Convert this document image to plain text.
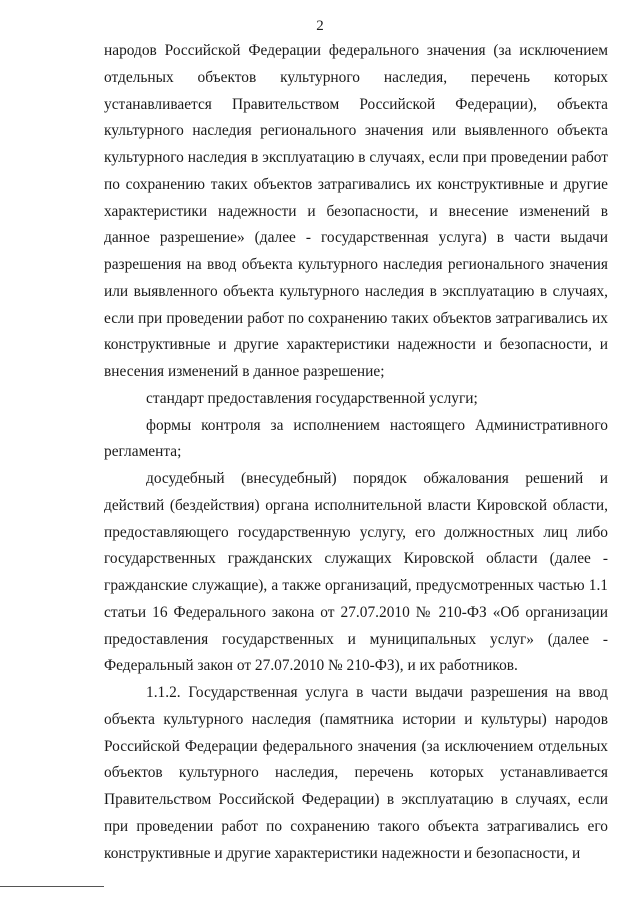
2

народов Российской Федерации федерального значения (за исключением отдельных объектов культурного наследия, перечень которых устанавливается Правительством Российской Федерации), объекта культурного наследия регионального значения или выявленного объекта культурного наследия в эксплуатацию в случаях, если при проведении работ по сохранению таких объектов затрагивались их конструктивные и другие характеристики надежности и безопасности, и внесение изменений в данное разрешение» (далее - государственная услуга) в части выдачи разрешения на ввод объекта культурного наследия регионального значения или выявленного объекта культурного наследия в эксплуатацию в случаях, если при проведении работ по сохранению таких объектов затрагивались их конструктивные и другие характеристики надежности и безопасности, и внесения изменений в данное разрешение;

стандарт предоставления государственной услуги;

формы контроля за исполнением настоящего Административного регламента;

досудебный (внесудебный) порядок обжалования решений и действий (бездействия) органа исполнительной власти Кировской области, предоставляющего государственную услугу, его должностных лиц либо государственных гражданских служащих Кировской области (далее - гражданские служащие), а также организаций, предусмотренных частью 1.1 статьи 16 Федерального закона от 27.07.2010 № 210-ФЗ «Об организации предоставления государственных и муниципальных услуг» (далее - Федеральный закон от 27.07.2010 № 210-ФЗ), и их работников.

1.1.2. Государственная услуга в части выдачи разрешения на ввод объекта культурного наследия (памятника истории и культуры) народов Российской Федерации федерального значения (за исключением отдельных объектов культурного наследия, перечень которых устанавливается Правительством Российской Федерации) в эксплуатацию в случаях, если при проведении работ по сохранению такого объекта затрагивались его конструктивные и другие характеристики надежности и безопасности, и
